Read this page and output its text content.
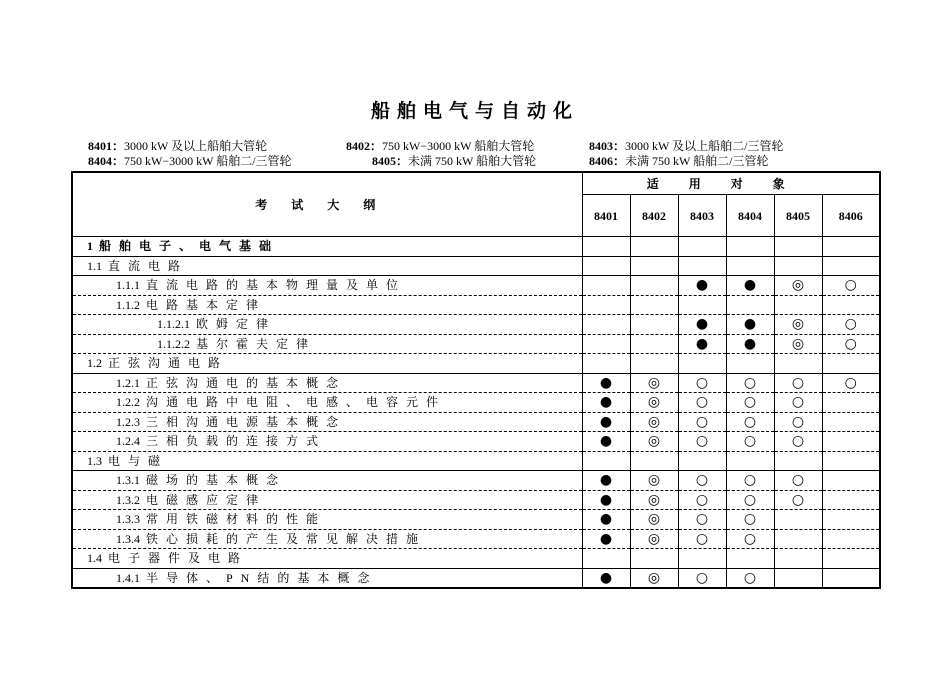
船舶电气与自动化
8401：3000 kW 及以上船舶大管轮	8402：750 kW−3000 kW 船舶大管轮	8403：3000 kW 及以上船舶二/三管轮
8404：750 kW−3000 kW 船舶二/三管轮	8405：未满 750 kW 船舶大管轮	8406：未满 750 kW 船舶二/三管轮
考试大纲	适用对象					
	8401	8402	8403	8404	8405	8406
1 船舶电子、电气基础						
1.1 直流电路						
1.1.1 直流电路的基本物理量及单位			●	●	◎	○
1.1.2 电路基本定律						
1.1.2.1 欧姆定律			●	●	◎	○
1.1.2.2 基尔霍夫定律			●	●	◎	○
1.2 正弦沟通电路						
1.2.1 正弦沟通电的基本概念	●	◎	○	○	○	○
1.2.2 沟通电路中电阻、电感、电容元件	●	◎	○	○	○	
1.2.3 三相沟通电源基本概念	●	◎	○	○	○	
1.2.4 三相负载的连接方式	●	◎	○	○	○	
1.3 电与磁						
1.3.1 磁场的基本概念	●	◎	○	○	○	
1.3.2 电磁感应定律	●	◎	○	○	○	
1.3.3 常用铁磁材料的性能	●	◎	○	○		
1.3.4 铁心损耗的产生及常见解决措施	●	◎	○	○		
1.4 电子器件及电路						
1.4.1 半导体、PN结的基本概念	●	◎	○	○		
